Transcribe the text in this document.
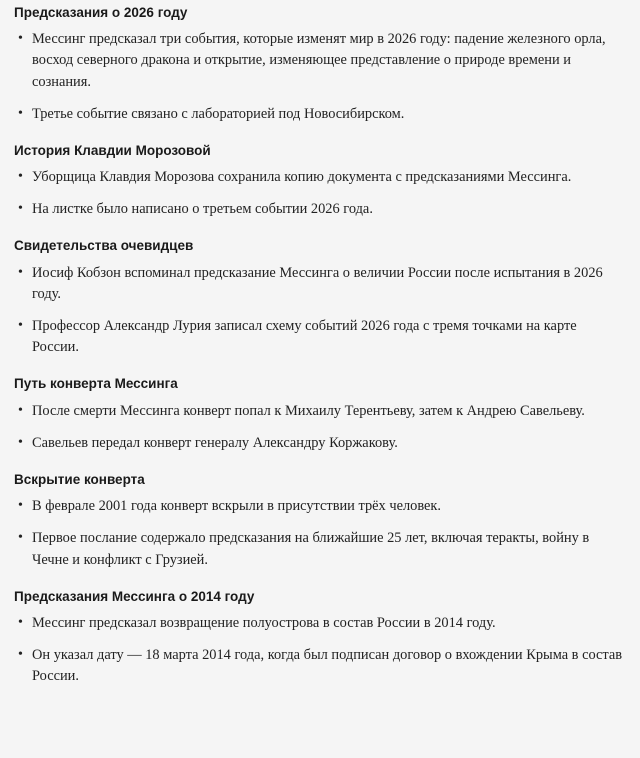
Предсказания о 2026 году
• Мессинг предсказал три события, которые изменят мир в 2026 году: падение железного орла, восход северного дракона и открытие, изменяющее представление о природе времени и сознания.
• Третье событие связано с лабораторией под Новосибирском.
История Клавдии Морозовой
• Уборщица Клавдия Морозова сохранила копию документа с предсказаниями Мессинга.
• На листке было написано о третьем событии 2026 года.
Свидетельства очевидцев
• Иосиф Кобзон вспоминал предсказание Мессинга о величии России после испытания в 2026 году.
• Профессор Александр Лурия записал схему событий 2026 года с тремя точками на карте России.
Путь конверта Мессинга
• После смерти Мессинга конверт попал к Михаилу Терентьеву, затем к Андрею Савельеву.
• Савельев передал конверт генералу Александру Коржакову.
Вскрытие конверта
• В феврале 2001 года конверт вскрыли в присутствии трёх человек.
• Первое послание содержало предсказания на ближайшие 25 лет, включая теракты, войну в Чечне и конфликт с Грузией.
Предсказания Мессинга о 2014 году
• Мессинг предсказал возвращение полуострова в состав России в 2014 году.
• Он указал дату — 18 марта 2014 года, когда был подписан договор о вхождении Крыма в состав России.
